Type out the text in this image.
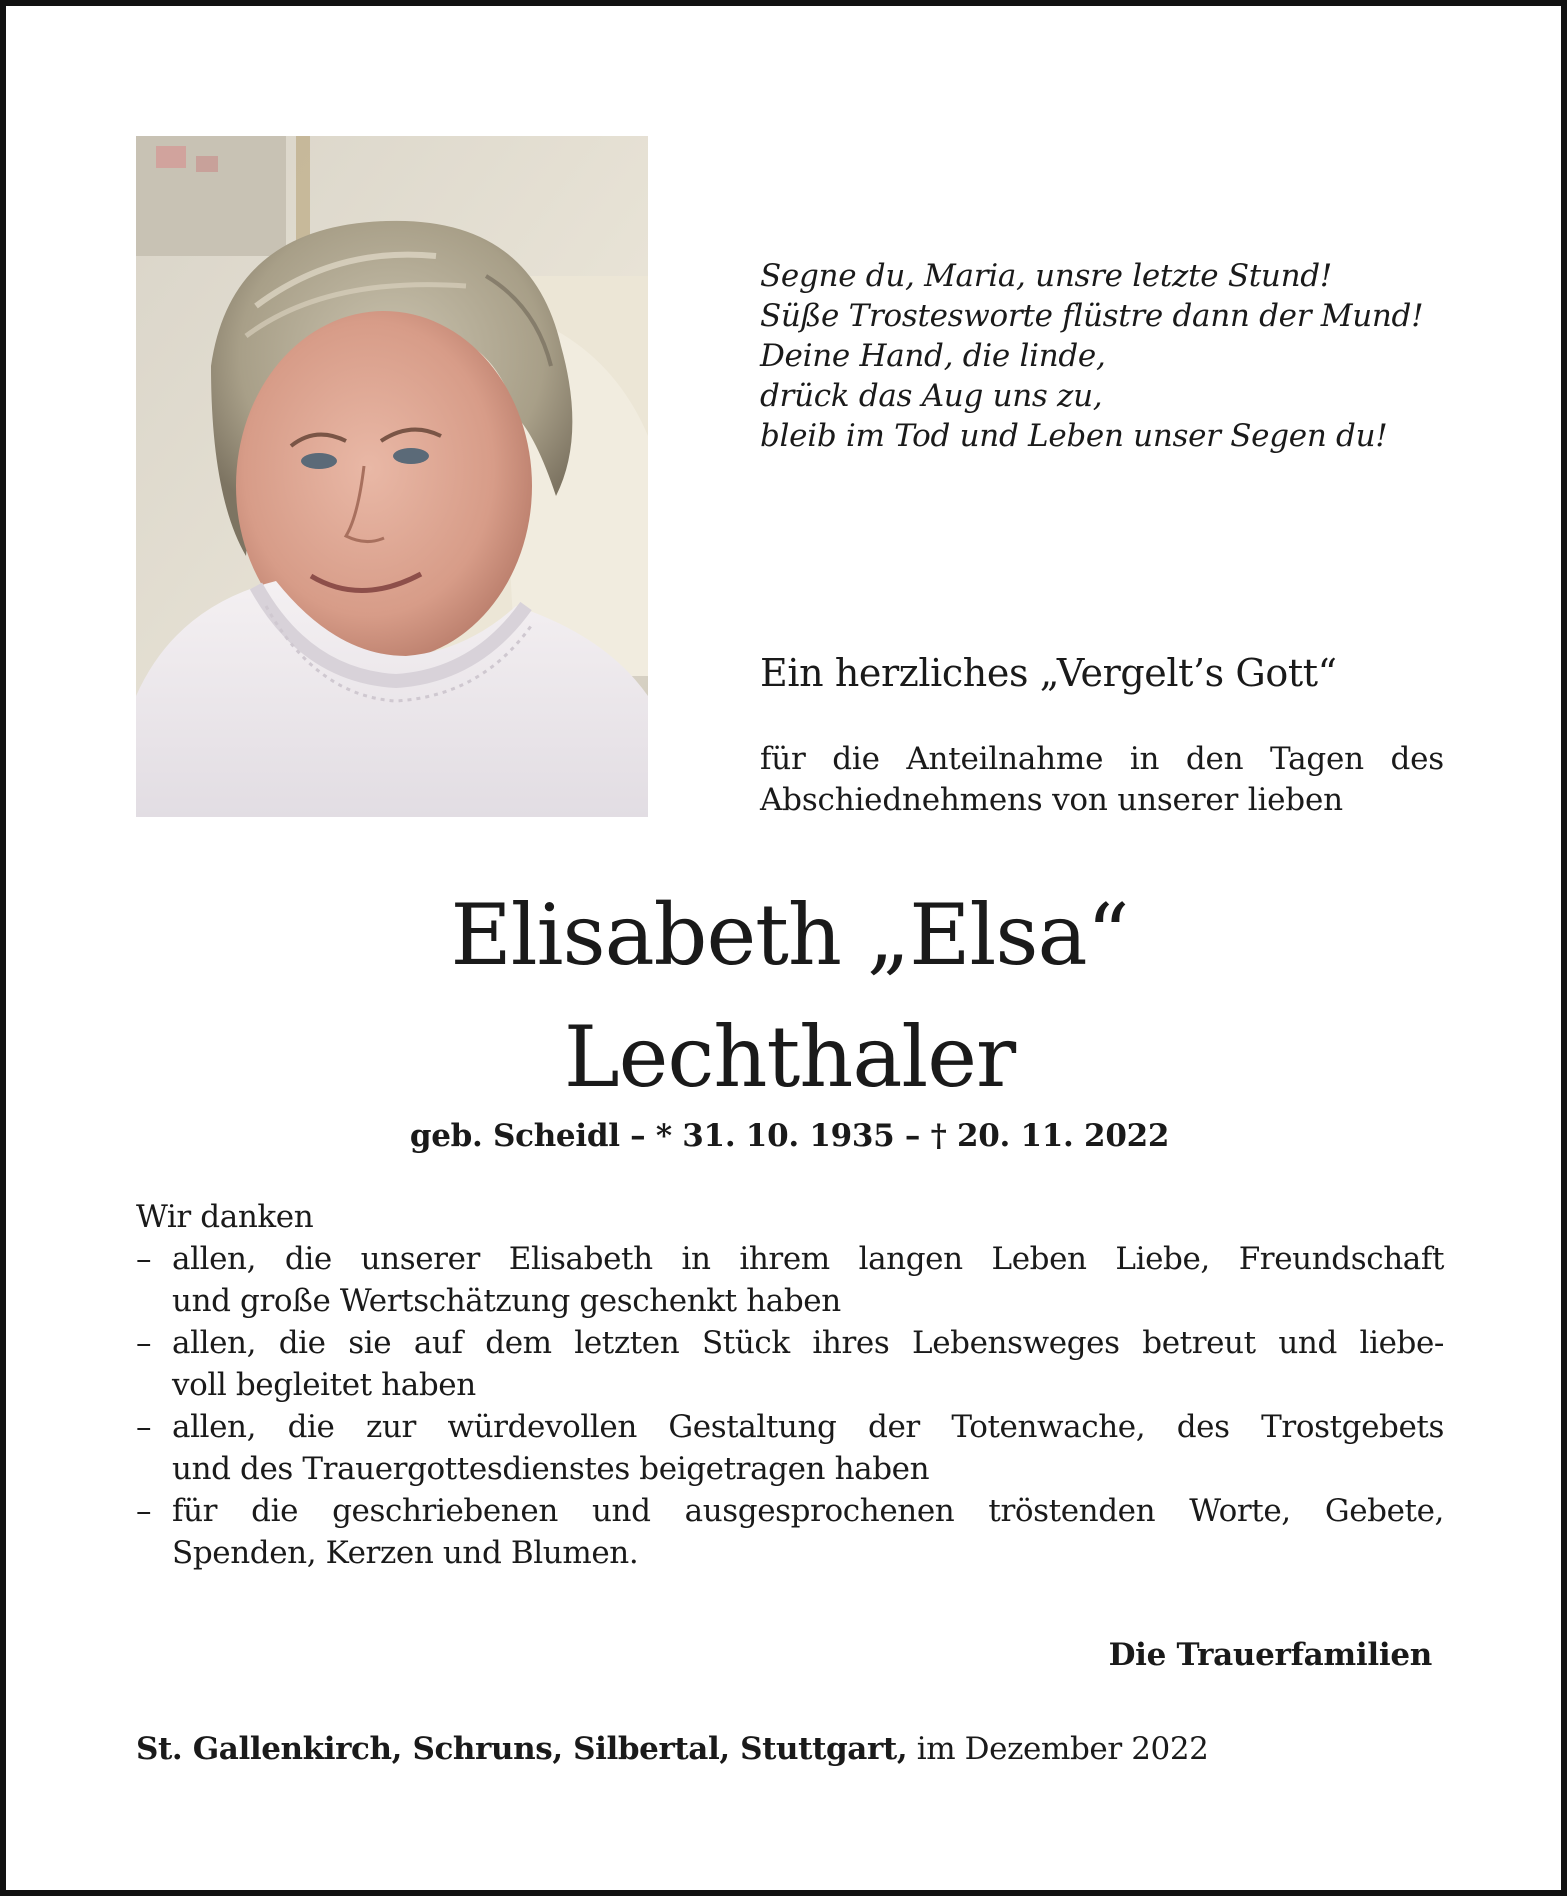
Segne du, Maria, unsre letzte Stund!
Süße Trostesworte flüstre dann der Mund!
Deine Hand, die linde,
drück das Aug uns zu,
bleib im Tod und Leben unser Segen du!
Ein herzliches „Vergelt’s Gott“
für die Anteilnahme in den Tagen des
Abschiednehmens von unserer lieben
Elisabeth „Elsa“
Lechthaler
geb. Scheidl – * 31. 10. 1935 – † 20. 11. 2022
Wir danken
– allen, die unserer Elisabeth in ihrem langen Leben Liebe, Freundschaft
und große Wertschätzung geschenkt haben
– allen, die sie auf dem letzten Stück ihres Lebensweges betreut und liebe-
voll begleitet haben
– allen, die zur würdevollen Gestaltung der Totenwache, des Trostgebets
und des Trauergottesdienstes beigetragen haben
– für die geschriebenen und ausgesprochenen tröstenden Worte, Gebete,
Spenden, Kerzen und Blumen.
Die Trauerfamilien
St. Gallenkirch, Schruns, Silbertal, Stuttgart, im Dezember 2022
